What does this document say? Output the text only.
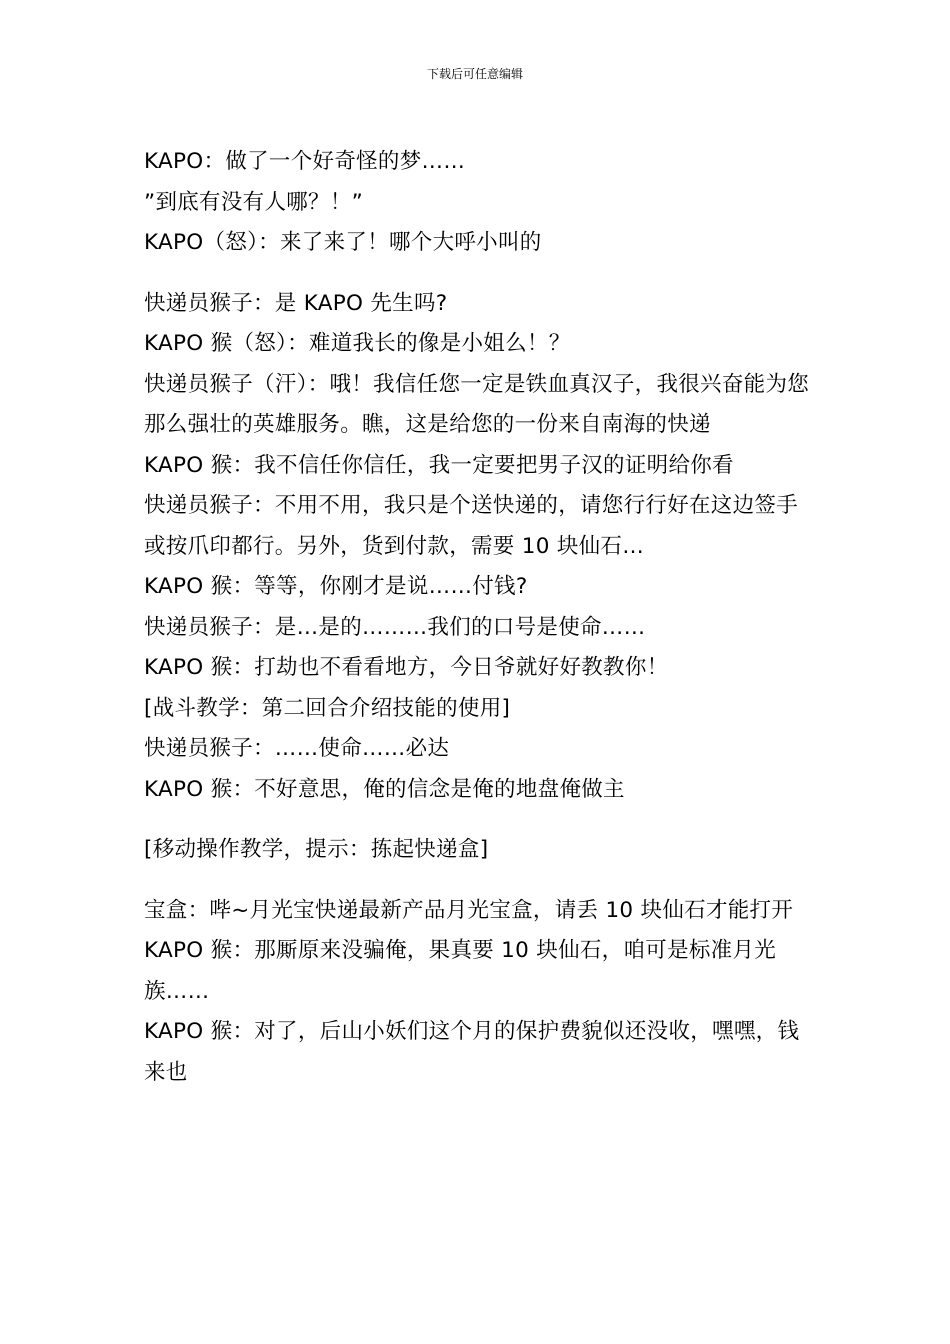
下载后可任意编辑

KAPO：做了一个好奇怪的梦……

”到底有没有人哪？！”

KAPO（怒）：来了来了！哪个大呼小叫的

快递员猴子：是 KAPO 先生吗?

KAPO 猴（怒）：难道我长的像是小姐么！？

快递员猴子（汗）：哦！我信任您一定是铁血真汉子，我很兴奋能为您那么强壮的英雄服务。瞧，这是给您的一份来自南海的快递

KAPO 猴：我不信任你信任，我一定要把男子汉的证明给你看

快递员猴子：不用不用，我只是个送快递的，请您行行好在这边签手或按爪印都行。另外，货到付款，需要 10 块仙石…

KAPO 猴：等等，你刚才是说……付钱?

快递员猴子：是…是的………我们的口号是使命……

KAPO 猴：打劫也不看看地方，今日爷就好好教教你！

[战斗教学：第二回合介绍技能的使用]

快递员猴子：……使命……必达

KAPO 猴：不好意思，俺的信念是俺的地盘俺做主

[移动操作教学，提示：拣起快递盒]

宝盒：哔~月光宝快递最新产品月光宝盒，请丢 10 块仙石才能打开

KAPO 猴：那厮原来没骗俺，果真要 10 块仙石，咱可是标准月光族……

KAPO 猴：对了，后山小妖们这个月的保护费貌似还没收，嘿嘿，钱来也
